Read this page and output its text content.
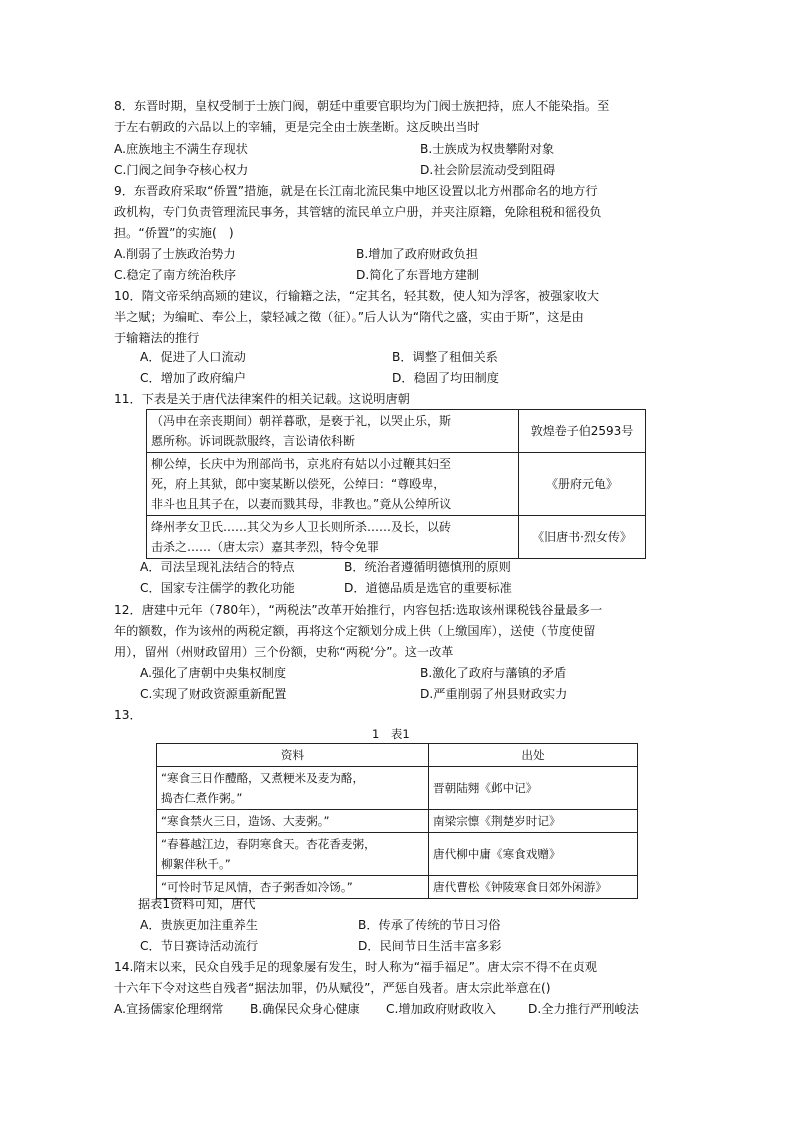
8．东晋时期，皇权受制于士族门阀，朝廷中重要官职均为门阀士族把持，庶人不能染指。至
于左右朝政的六品以上的宰辅，更是完全由士族垄断。这反映出当时
A.庶族地主不满生存现状	B.士族成为权贵攀附对象
C.门阀之间争夺核心权力	D.社会阶层流动受到阻碍
9．东晋政府采取“侨置”措施，就是在长江南北流民集中地区设置以北方州郡命名的地方行
政机构，专门负责管理流民事务，其管辖的流民单立户册，并夹注原籍，免除租税和徭役负
担。“侨置”的实施(　)
A.削弱了士族政治势力	B.增加了政府财政负担
C.稳定了南方统治秩序	D.简化了东晋地方建制
10．隋文帝采纳高颎的建议，行输籍之法，“定其名，轻其数，使人知为浮客，被强家收大
半之赋；为编甿、奉公上，蒙轻减之徵（征）。”后人认为“隋代之盛，实由于斯”，这是由
于输籍法的推行
A．促进了人口流动	B．调整了租佃关系
C．增加了政府编户	D．稳固了均田制度
11．下表是关于唐代法律案件的相关记载。这说明唐朝
（冯申在亲丧期间）朝祥暮歌，是亵于礼，以哭止乐，斯
慝所称。诉词既款服终，言讼请依科断	敦煌卷子伯2593号

柳公绰，长庆中为刑部尚书，京兆府有姑以小过鞭其妇至
死，府上其狱，郎中窦某断以偿死，公绰曰：“尊殴卑，
非斗也且其子在，以妻而戮其母，非教也。”竟从公绰所议	《册府元龟》

绛州孝女卫氏……其父为乡人卫长则所杀……及长，以砖
击杀之……（唐太宗）嘉其孝烈，特令免罪	《旧唐书·烈女传》
A．司法呈现礼法结合的特点	B．统治者遵循明德慎刑的原则
C．国家专注儒学的教化功能	D．道德品质是选官的重要标准
12．唐建中元年（780年），“两税法”改革开始推行，内容包括:选取该州课税钱谷量最多一
年的额数，作为该州的两税定额，再将这个定额划分成上供（上缴国库），送使（节度使留
用），留州（州财政留用）三个份额，史称“两税‘分”。这一改革
A.强化了唐朝中央集权制度	B.激化了政府与藩镇的矛盾
C.实现了财政资源重新配置	D.严重削弱了州县财政实力
13．
1　表1
资料	出处

“寒食三日作醴酪，又煮粳米及麦为酪，
捣杏仁煮作粥。”	晋朝陆翙《邺中记》

“寒食禁火三日，造饧、大麦粥。”	南梁宗懔《荆楚岁时记》

“春暮越江边，春阴寒食天。杏花香麦粥，
柳絮伴秋千。”	唐代柳中庸《寒食戏赠》

“可怜时节足风情，杏子粥香如冷饧。”	唐代曹松《钟陵寒食日郊外闲游》
据表1资料可知，唐代
A．贵族更加注重养生	B．传承了传统的节日习俗
C．节日赛诗活动流行	D．民间节日生活丰富多彩
14.隋末以来，民众自残手足的现象屡有发生，时人称为“福手福足”。唐太宗不得不在贞观
十六年下令对这些自残者“据法加罪，仍从赋役”，严惩自残者。唐太宗此举意在()
A.宣扬儒家伦理纲常 B.确保民众身心健康 C.增加政府财政收入	D.全力推行严刑峻法
